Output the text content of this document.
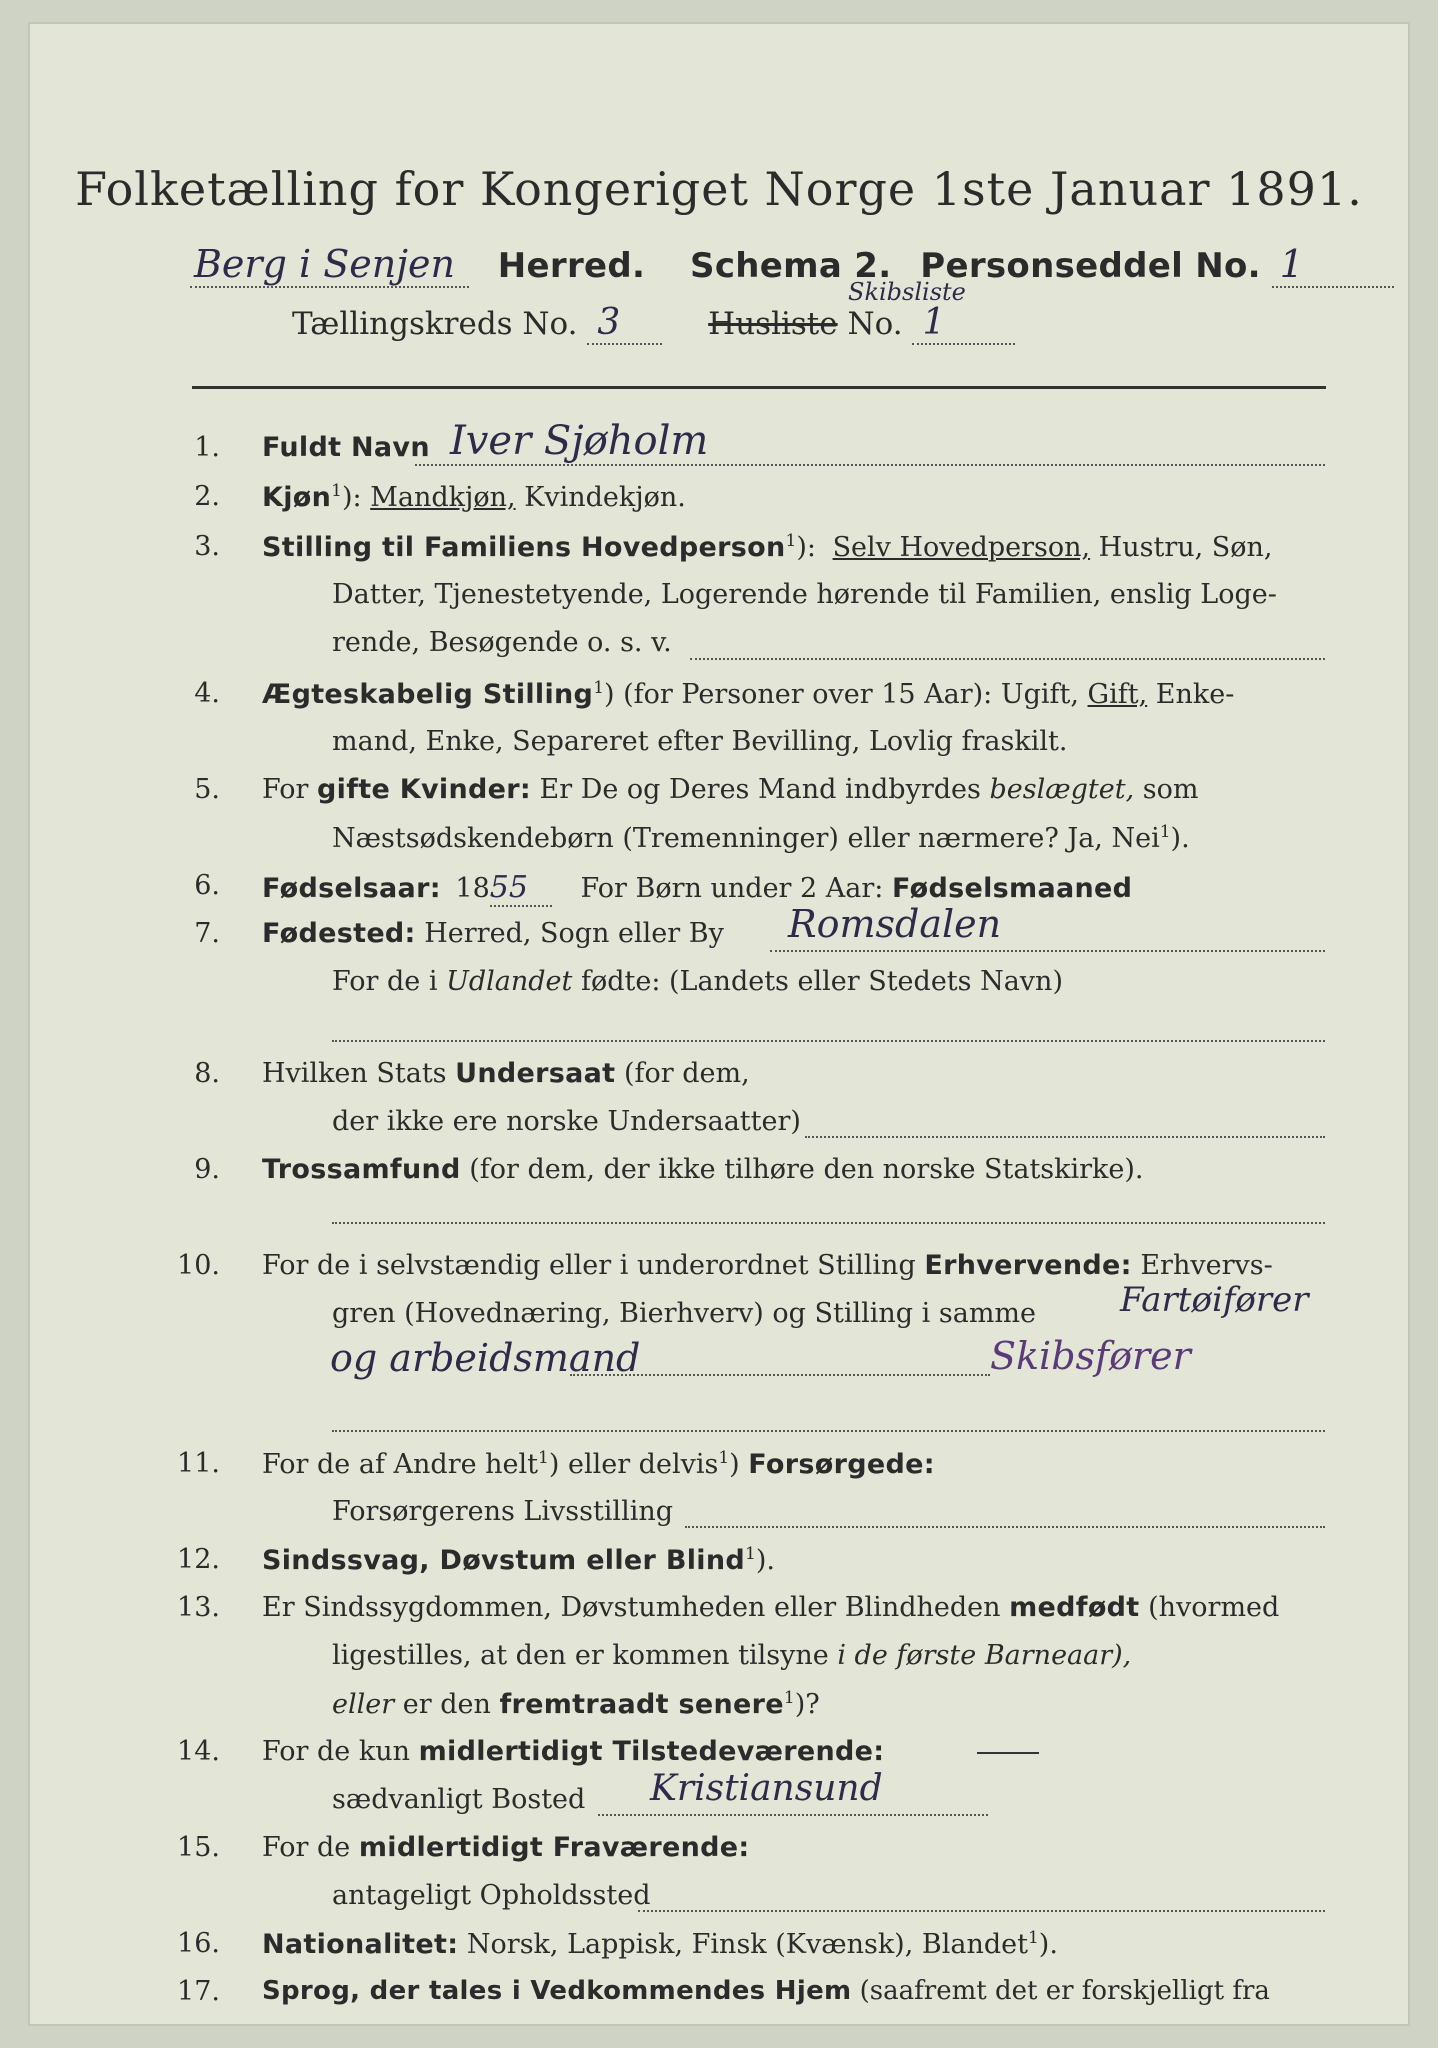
Folketælling for Kongeriget Norge 1ste Januar 1891.
Berg i Senjen Herred. Schema 2. Personseddel No. 1
Tællingskreds No. 3	Husliste No. 1
Skibsliste
1. Fuldt Navn Iver Sjøholm
2. Kjøn$^1$): Mandkjøn, Kvindekjøn.
3. Stilling til Familiens Hovedperson$^1$): Selv Hovedperson, Hustru, Søn,
Datter, Tjenestetyende, Logerende hørende til Familien, enslig Loge-
rende, Besøgende o. s. v.
4. Ægteskabelig Stilling$^1$) (for Personer over 15 Aar): Ugift, Gift, Enke-
mand, Enke, Separeret efter Bevilling, Lovlig fraskilt.
5. For gifte Kvinder: Er De og Deres Mand indbyrdes beslægtet, som
Næstsødskendebørn (Tremenninger) eller nærmere? Ja, Nei$^1$).
6. Fødselsaar: 1855 For Børn under 2 Aar: Fødselsmaaned
7. Fødested: Herred, Sogn eller By Romsdalen
For de i Udlandet fødte: (Landets eller Stedets Navn)
8. Hvilken Stats Undersaat (for dem,
der ikke ere norske Undersaatter)
9. Trossamfund (for dem, der ikke tilhøre den norske Statskirke).
10. For de i selvstændig eller i underordnet Stilling Erhvervende: Erhvervs-
gren (Hovednæring, Bierhverv) og Stilling i samme Fartøifører
og arbeidsmand	Skibsfører
11. For de af Andre helt$^1$) eller delvis$^1$) Forsørgede:
Forsørgerens Livsstilling
12. Sindssvag, Døvstum eller Blind$^1$).
13. Er Sindssygdommen, Døvstumheden eller Blindheden medfødt (hvormed
ligestilles, at den er kommen tilsyne i de første Barneaar),
eller er den fremtraadt senere$^1$)?
14. For de kun midlertidigt Tilstedeværende:
sædvanligt Bosted Kristiansund
15. For de midlertidigt Fraværende:
antageligt Opholdssted
16. Nationalitet: Norsk, Lappisk, Finsk (Kvænsk), Blandet$^1$).
17. Sprog, der tales i Vedkommendes Hjem (saafremt det er forskjelligt fra
